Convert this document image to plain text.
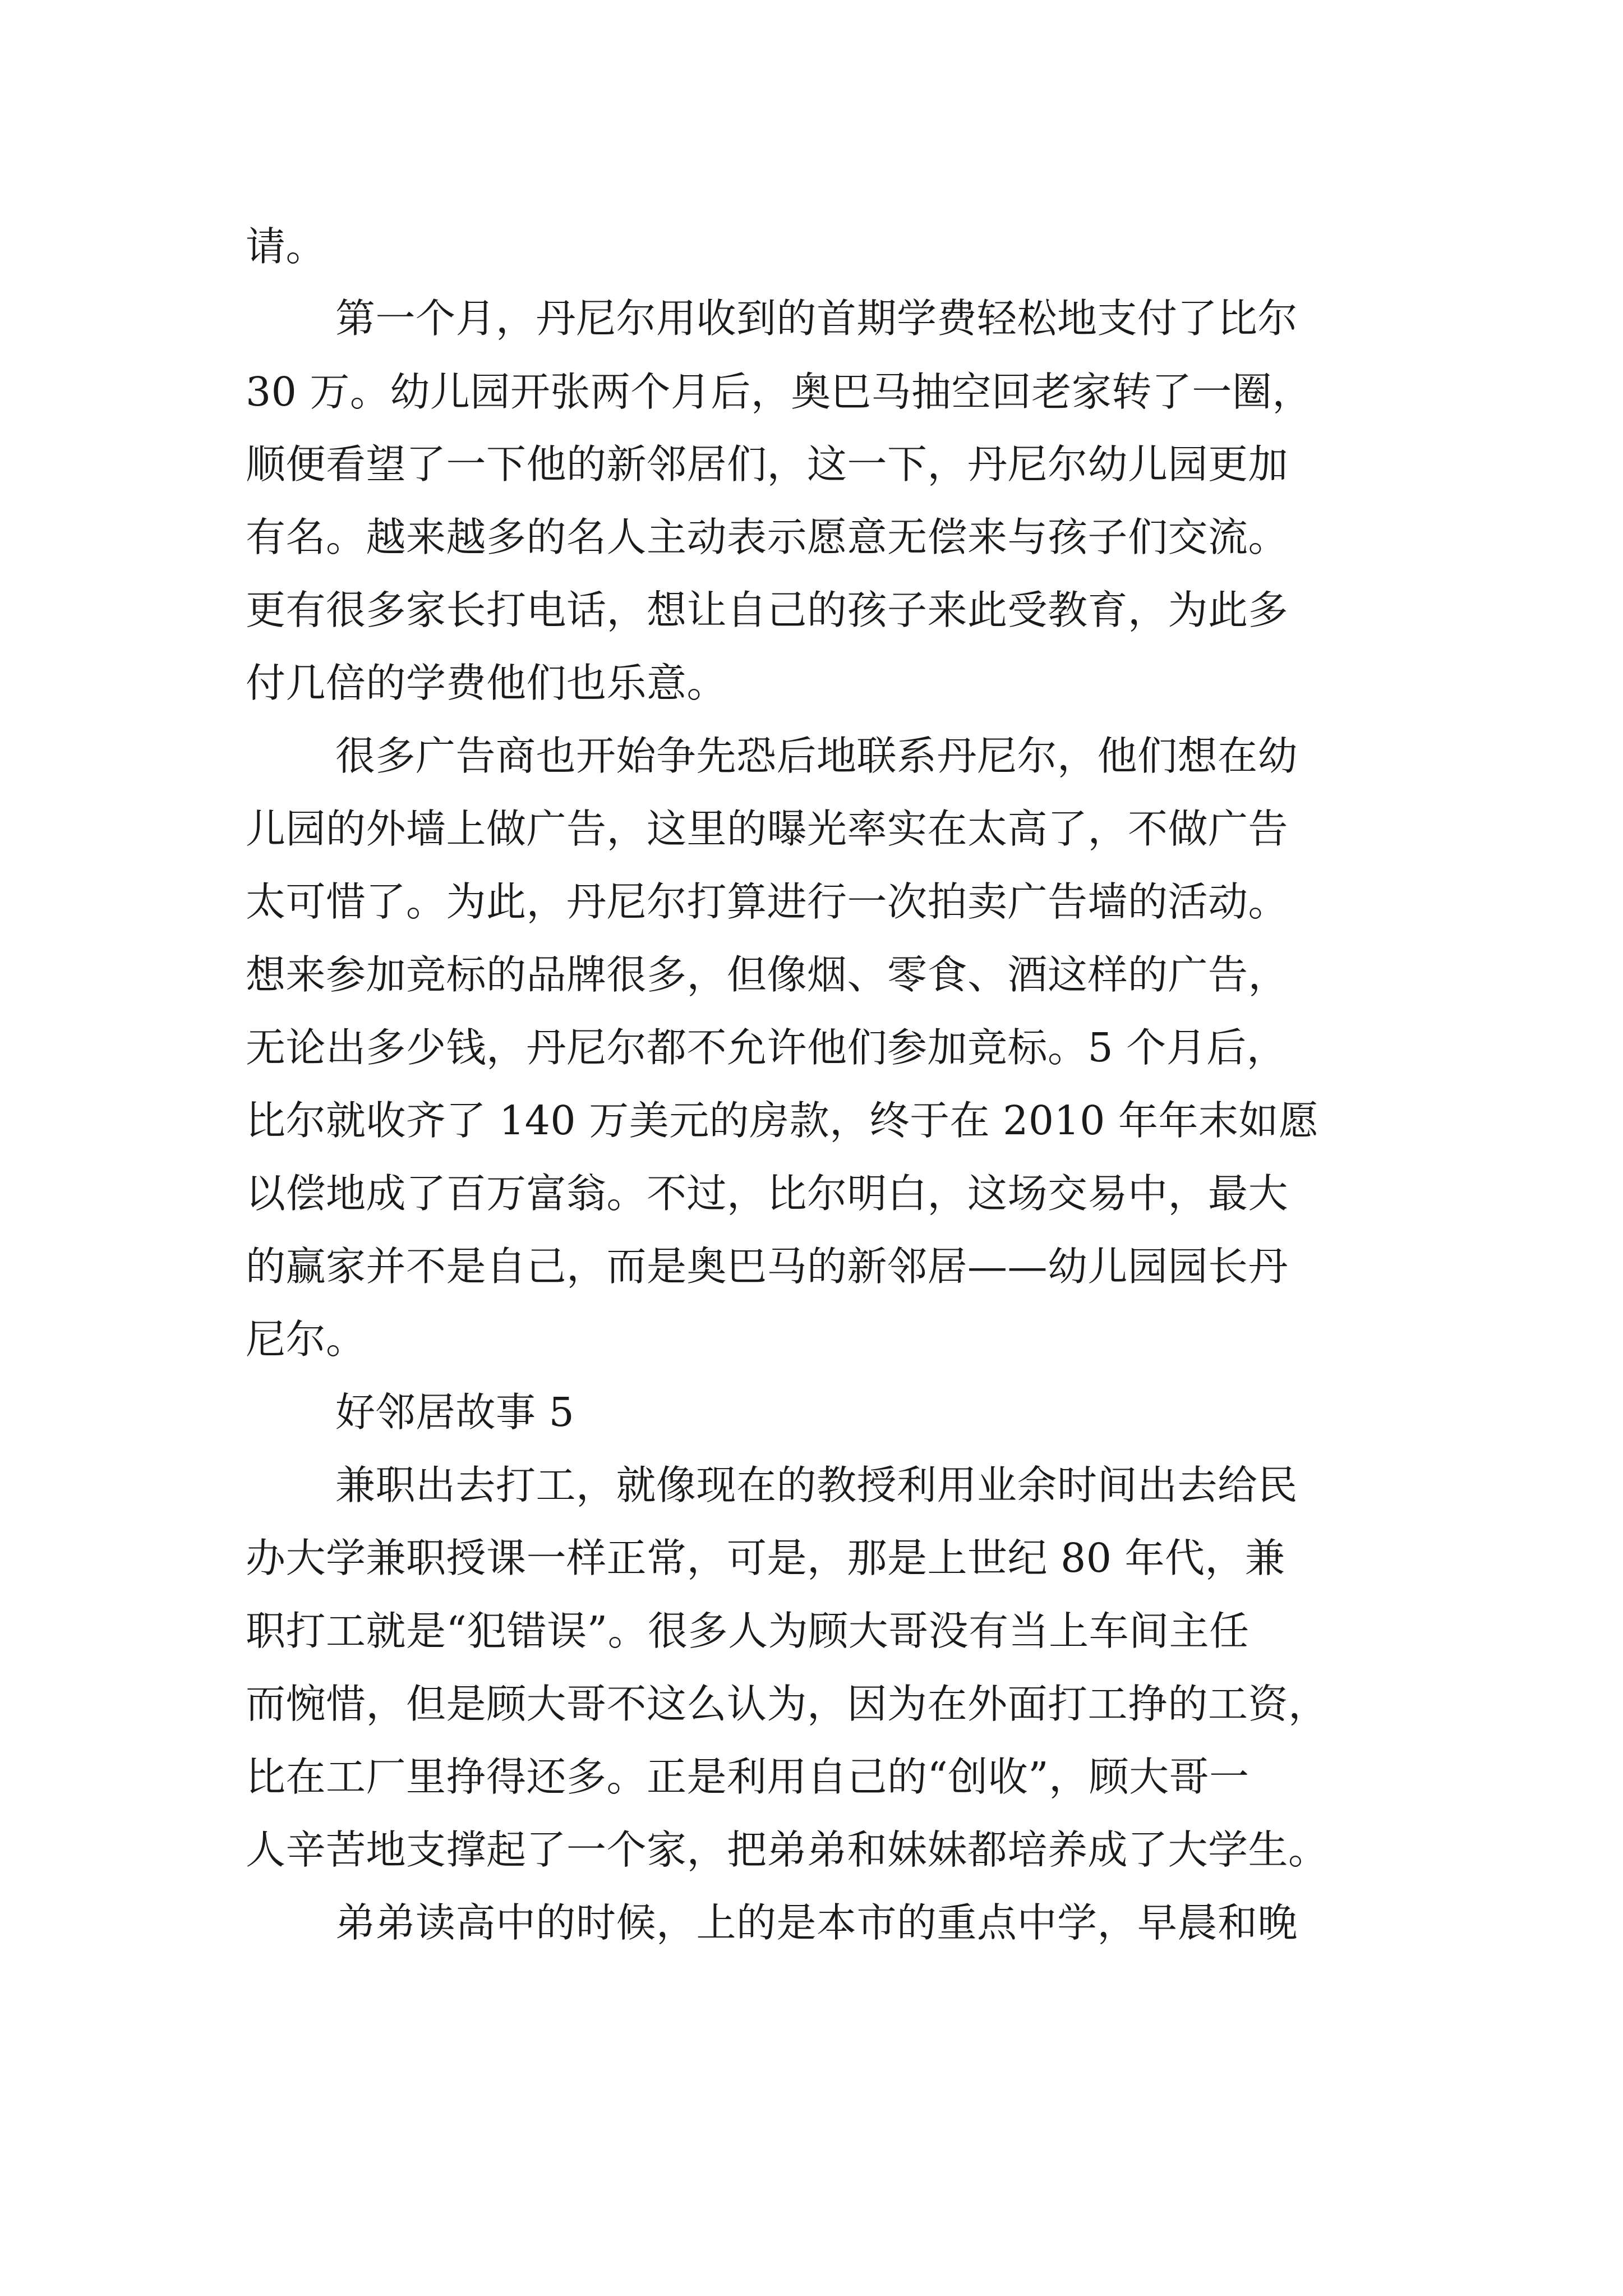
请。
第一个月，丹尼尔用收到的首期学费轻松地支付了比尔
30 万。幼儿园开张两个月后，奥巴马抽空回老家转了一圈，
顺便看望了一下他的新邻居们，这一下，丹尼尔幼儿园更加
有名。越来越多的名人主动表示愿意无偿来与孩子们交流。
更有很多家长打电话，想让自己的孩子来此受教育，为此多
付几倍的学费他们也乐意。
很多广告商也开始争先恐后地联系丹尼尔，他们想在幼
儿园的外墙上做广告，这里的曝光率实在太高了，不做广告
太可惜了。为此，丹尼尔打算进行一次拍卖广告墙的活动。
想来参加竞标的品牌很多，但像烟、零食、酒这样的广告，
无论出多少钱，丹尼尔都不允许他们参加竞标。5 个月后，
比尔就收齐了 140 万美元的房款，终于在 2010 年年末如愿
以偿地成了百万富翁。不过，比尔明白，这场交易中，最大
的赢家并不是自己，而是奥巴马的新邻居——幼儿园园长丹
尼尔。
好邻居故事 5
兼职出去打工，就像现在的教授利用业余时间出去给民
办大学兼职授课一样正常，可是，那是上世纪 80 年代，兼
职打工就是“犯错误”。很多人为顾大哥没有当上车间主任
而惋惜，但是顾大哥不这么认为，因为在外面打工挣的工资，
比在工厂里挣得还多。正是利用自己的“创收”，顾大哥一
人辛苦地支撑起了一个家，把弟弟和妹妹都培养成了大学生。
弟弟读高中的时候，上的是本市的重点中学，早晨和晚
